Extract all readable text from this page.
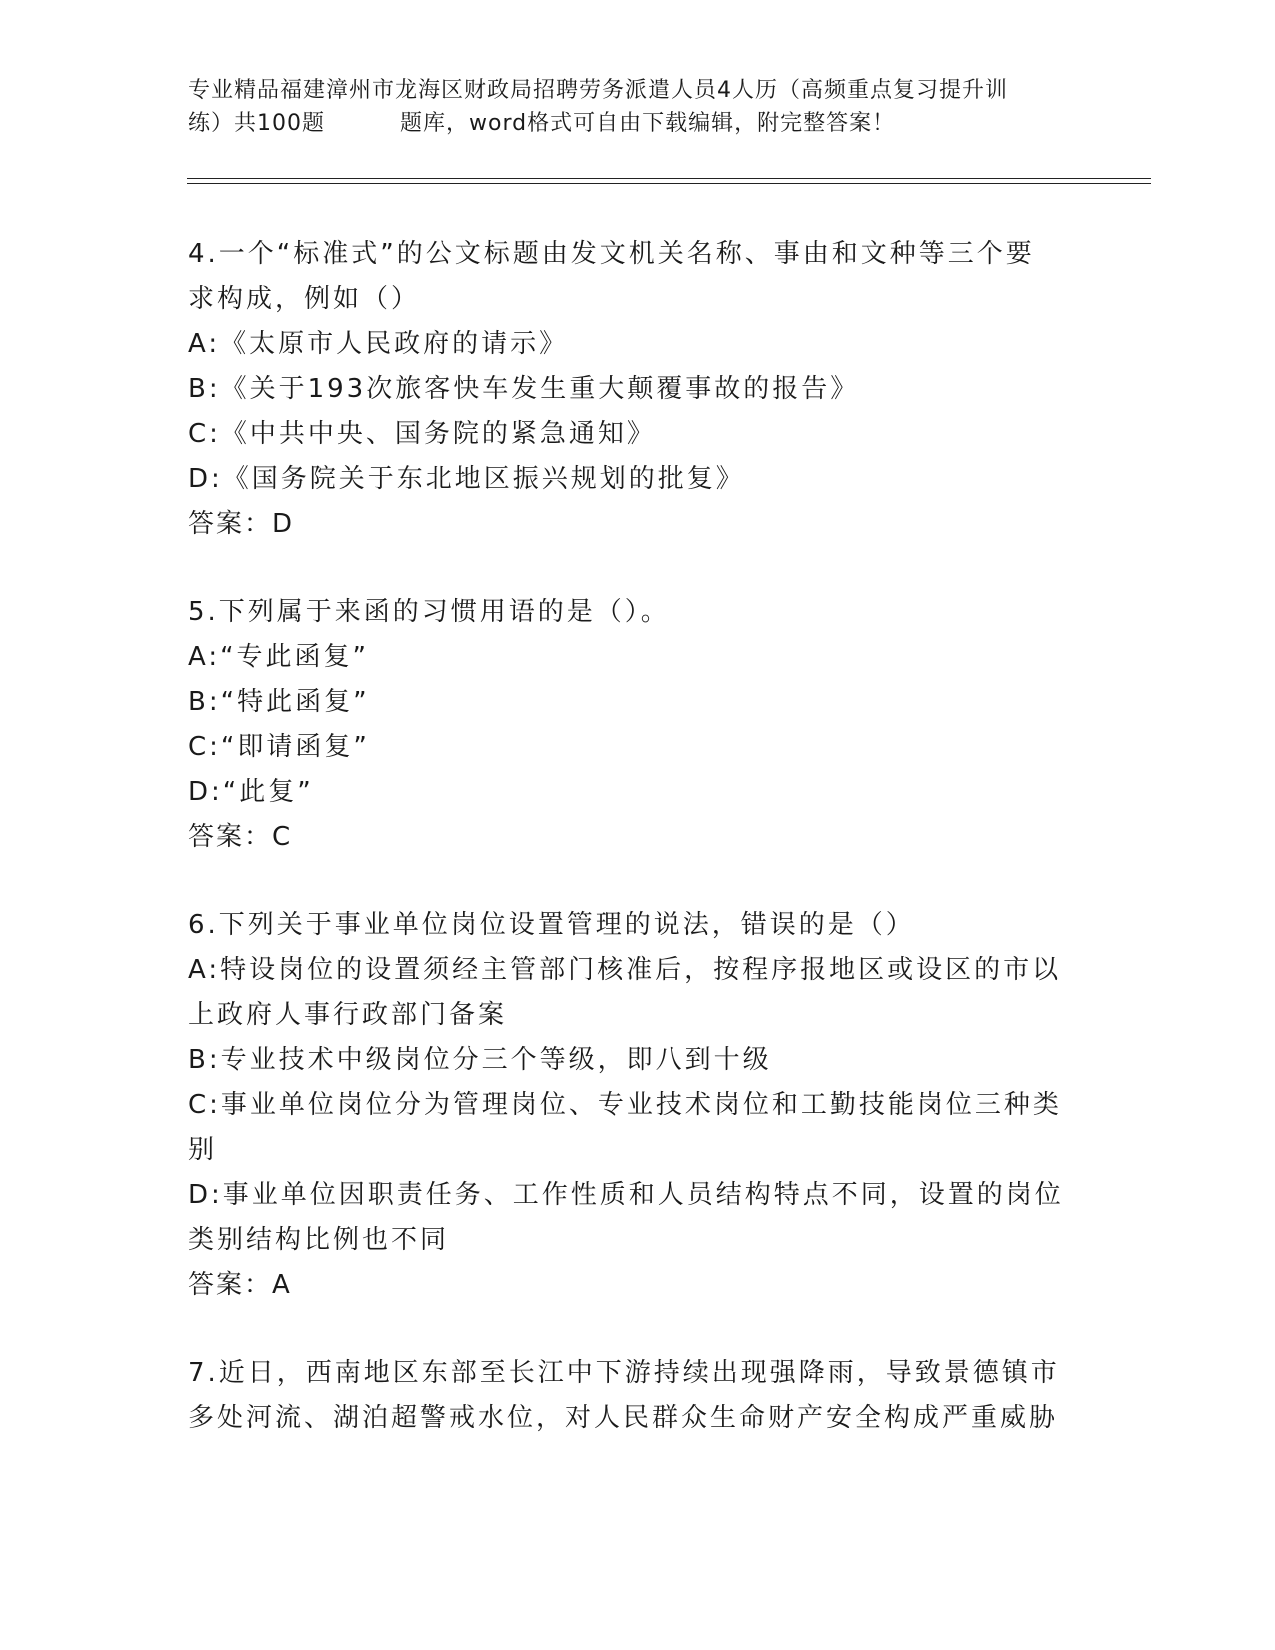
专业精品福建漳州市龙海区财政局招聘劳务派遣人员4人历（高频重点复习提升训
练）共100题	题库，word格式可自由下载编辑，附完整答案！
4.一个“标准式”的公文标题由发文机关名称、事由和文种等三个要
求构成，例如（）
A:《太原市人民政府的请示》
B:《关于193次旅客快车发生重大颠覆事故的报告》
C:《中共中央、国务院的紧急通知》
D:《国务院关于东北地区振兴规划的批复》
答案：D
5.下列属于来函的习惯用语的是（）。
A:“专此函复”
B:“特此函复”
C:“即请函复”
D:“此复”
答案：C
6.下列关于事业单位岗位设置管理的说法，错误的是（）
A:特设岗位的设置须经主管部门核准后，按程序报地区或设区的市以
上政府人事行政部门备案
B:专业技术中级岗位分三个等级，即八到十级
C:事业单位岗位分为管理岗位、专业技术岗位和工勤技能岗位三种类
别
D:事业单位因职责任务、工作性质和人员结构特点不同，设置的岗位
类别结构比例也不同
答案：A
7.近日，西南地区东部至长江中下游持续出现强降雨，导致景德镇市
多处河流、湖泊超警戒水位，对人民群众生命财产安全构成严重威胁
